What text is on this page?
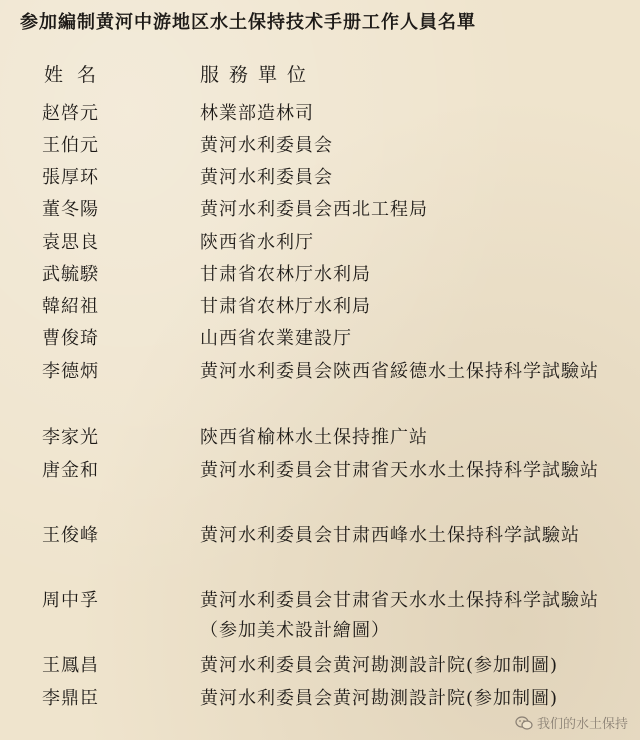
参加編制黄河中游地区水土保持技术手册工作人員名單
姓名	服務單位
赵啓元	林業部造林司
王伯元	黄河水利委員会
張厚环	黄河水利委員会
董冬陽	黄河水利委員会西北工程局
袁思良	陝西省水利厅
武毓騤	甘肃省农林厅水利局
韓紹祖	甘肃省农林厅水利局
曹俊琦	山西省农業建設厅
李德炳	黄河水利委員会陝西省綏德水土保持科学試驗站
李家光	陝西省榆林水土保持推广站
唐金和	黄河水利委員会甘肃省天水水土保持科学試驗站
王俊峰	黄河水利委員会甘肃西峰水土保持科学試驗站
周中孚	黄河水利委員会甘肃省天水水土保持科学試驗站（参加美术設計繪圖）
王鳳昌	黄河水利委員会黄河勘測設計院(参加制圖)
李鼎臣	黄河水利委員会黄河勘測設計院(参加制圖)
我们的水土保持
